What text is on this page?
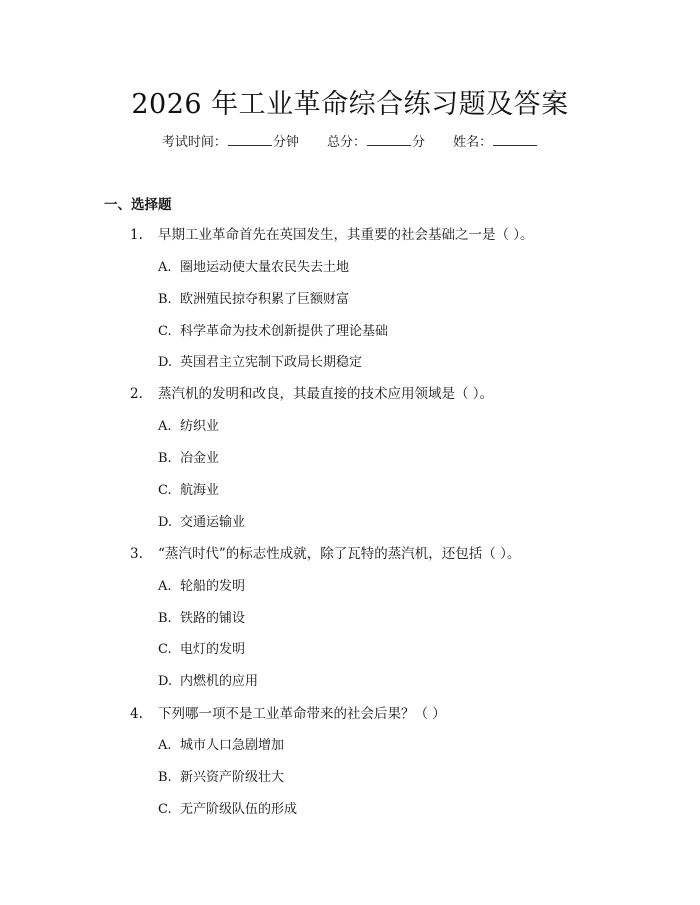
2026 年工业革命综合练习题及答案
考试时间：	分钟 总分：	分 姓名：
一、选择题
1. 早期工业革命首先在英国发生，其重要的社会基础之一是（ ）。
A. 圈地运动使大量农民失去土地
B. 欧洲殖民掠夺积累了巨额财富
C. 科学革命为技术创新提供了理论基础
D. 英国君主立宪制下政局长期稳定
2. 蒸汽机的发明和改良，其最直接的技术应用领域是（ ）。
A. 纺织业
B. 冶金业
C. 航海业
D. 交通运输业
3. “蒸汽时代”的标志性成就，除了瓦特的蒸汽机，还包括（ ）。
A. 轮船的发明
B. 铁路的铺设
C. 电灯的发明
D. 内燃机的应用
4. 下列哪一项不是工业革命带来的社会后果？（ ）
A. 城市人口急剧增加
B. 新兴资产阶级壮大
C. 无产阶级队伍的形成
